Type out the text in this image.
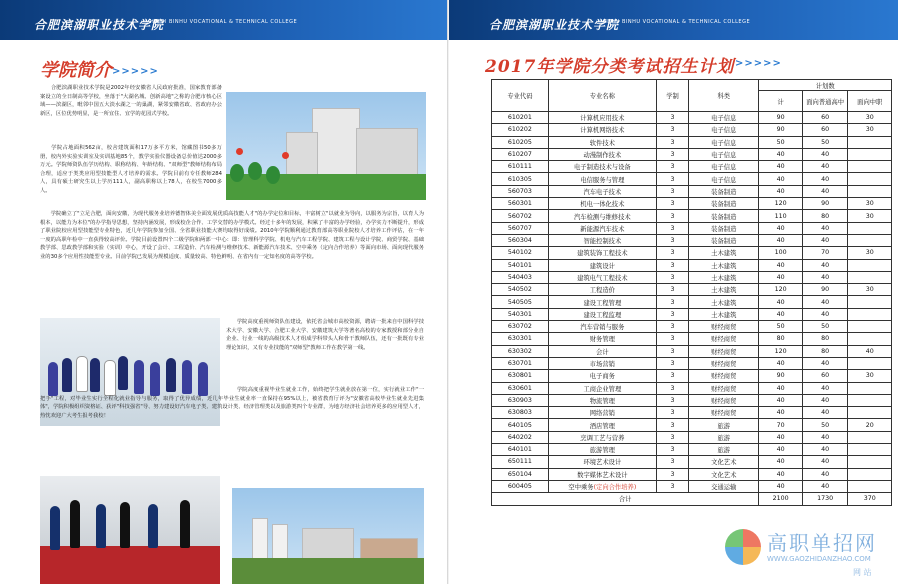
合肥滨湖职业技术学院
HEFEI BINHU VOCATIONAL & TECHNICAL COLLEGE
学院简介 >>>>>
　　合肥滨湖职业技术学院是2002年经安徽省人民政府批准，国家教育部备案设立的全日制高等学校，坐落于"大湖名城、创新高地"之称的合肥市核心区域——滨湖区，毗邻中国五大淡水湖之一的巢湖，紧邻安徽省政、省政府办公新区，区位优势明显，是一所宜住、宜学的花园式学校。
　　学院占地面积562亩，校舍建筑面积17万多平方米，馆藏图书50多万册，校内外实验实训室及实训基地85个，教学实验仪器设备总价值达2000多万元。学院师资队伍学历结构、职称结构、年龄结构、"双师型"教师结构布局合理，适应于类类应用型技能型人才培养的需求。学院目前有专任教师284人，具有硕士研究生以上学历111人，副高职称以上78人，在校生7000多人。
　　学院确立了"立足合肥，面向安徽，为现代服务业培养德智体美全面发展优质高技能人才"的办学定位和目标，丰富树立"以就业为导向，以服务为宗旨，以育人为根本，以能力为本位"的办学指导思想，坚持内涵发展，形成校企合作、工学交替的办学模式。经过十多年的发展，积累了丰富的办学经验，办学实力不断提升，形成了职业院校应用型技能型专业特色，近几年学院参加全国、全省职业技能大赛均取得好成绩。2010年学院顺利通过教育部高等职业院校人才培养工作评估，在一年一度的高职年检中一直获得较高评价。学院目前设置四个二级学院和两部一中心：即：管理科学学院、机电与汽车工程学院、建筑工程与设计学院、商贸学院、基础教学部、思政教学部和实验（实训）中心，开设了会计、工程造价、汽车检测与维修技术、新能源汽车技术、空中乘务（定向合作培养）等面向市场、面向现代服务业的30多个应用性技能型专业。目前学院已发展为规模适度、质量较高、特色鲜明、在省内有一定知名度的高等学校。
　　学院高度重视师资队伍建设，依托省会城市高校资源，聘请一批来自中国科学技术大学、安徽大学、合肥工业大学、安徽建筑大学等著名高校的专家教授和部分业自企业、行业一线的高级技术人才组成学科带头人和骨干教师队伍，还有一批既有专业理论知识，又有专业技能的"双师型"教师工作在教学第一线。
　　学院高度重视毕业生就业工作，始终把学生就业放在第一位，实行就业工作"一把手"工程，对毕业生实行全程化就业指导与服务，取得了优异成绩，近几年毕业生就业率一直保持在95%以上，被省教育厅评为"安徽省高校毕业生就业先进集体"，学院积极组织资格证、获评"科技强省"导、努力建设好汽车电子类、建筑设计类、经济管理类以及旅游类四个专业群，为地方经济社会培养更多的应用型人才，热忱欢迎广大考生报考我校！
合肥滨湖职业技术学院
HEFEI BINHU VOCATIONAL & TECHNICAL COLLEGE
2017年学院分类考试招生计划 >>>>>
专业代码	专业名称	学制	科类	计划数		
				计	面向普通高中	面向中职
610201	计算机应用技术	3	电子信息	90	60	30
610202	计算机网络技术	3	电子信息	90	60	30
610205	软件技术	3	电子信息	50	50	
610207	动漫制作技术	3	电子信息	40	40	
610111	电子制造技术与设备	3	电子信息	40	40	
610305	电信服务与管理	3	电子信息	40	40	
560703	汽车电子技术	3	装备制造	40	40	
560301	机电一体化技术	3	装备制造	120	90	30
560702	汽车检测与维修技术	3	装备制造	110	80	30
560707	新能源汽车技术	3	装备制造	40	40	
560304	智能控制技术	3	装备制造	40	40	
540102	建筑装饰工程技术	3	土木建筑	100	70	30
540101	建筑设计	3	土木建筑	40	40	
540403	建筑电气工程技术	3	土木建筑	40	40	
540502	工程造价	3	土木建筑	120	90	30
540505	建设工程管理	3	土木建筑	40	40	
540301	建设工程监理	3	土木建筑	40	40	
630702	汽车营销与服务	3	财经商贸	50	50	
630301	财务管理	3	财经商贸	80	80	
630302	会计	3	财经商贸	120	80	40
630701	市场营销	3	财经商贸	40	40	
630801	电子商务	3	财经商贸	90	60	30
630601	工商企业管理	3	财经商贸	40	40	
630903	物流管理	3	财经商贸	40	40	
630803	网络营销	3	财经商贸	40	40	
640105	酒店管理	3	旅游	70	50	20
640202	烹调工艺与营养	3	旅游	40	40	
640101	旅游管理	3	旅游	40	40	
650111	环境艺术设计	3	文化艺术	40	40	
650104	数字媒体艺术设计	3	文化艺术	40	40	
600405	空中乘务(定向合作培养)	3	交通运输	40	40	
合计				2100	1730	370
高职单招网
WWW.GAOZHIDANZHAO.COM
网 站
